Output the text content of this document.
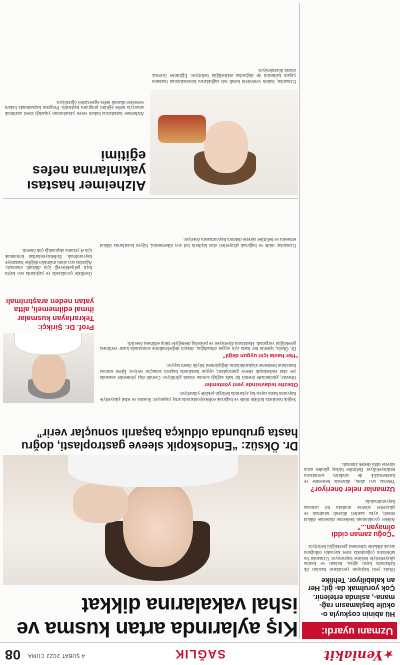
★Yeniakit
SAĞLIK
4 ŞUBAT 2022 CUMA
08
Uzmanı uyardı:
Hü abinin coşkuyla o- oküle başlamasın rağ- mana-, aslında ertelenir. Çok yorulmak da- ğıl; Her an kalabiliyor. Tehlike
Okula yeni başlayan çocukların bazıları ilk haftalarda karın ağrısı, bulantı ve kusma şikayetleriyle hekime başvuruyor. Uzmanlar bu tabloların çoğunlukla stres kaynaklı olduğunu ancak dikkatle izlenmesi gerektiğini belirtiyor.
“Çoğu zaman ciddi olmayan...”
Aileler çocuklarının beslenme düzenine dikkat etmeli, uyku saatleri düzenli tutulmalı ve şikayetler sürerse mutlaka bir uzmana başvurulmalıdır.
Uzmanlar neler öneriyor?
Yetersiz sıvı alımı, düzensiz beslenme ve hareketsizlik de sindirim sorunlarını tetikleyebiliyor. Belirtiler birkaç günden uzun sürerse tıbbi destek alınmalı.
Kış aylarında artan kusma ve ishal vakalarına dikkat
Dr. Öksüz: “Endoskopik sleeve gastroplasti, doğru hasta grubunda oldukça başarılı sonuçlar verir”
Soğuk havalarla birlikte mide ve bağırsak enfeksiyonlarında artış yaşanıyor. Kusma ve ishal şikayetiyle başvuran hasta sayısı kış aylarında belirgin şekilde yükseliyor.
Obezite tedavisinde yeni yöntemler
Obezite, günümüzde önemli bir halk sağlığı sorunu olarak görülüyor. Cerrahi dışı yöntemler arasında yer alan endoskopik sleeve gastroplasti, uygun hastalarda başarılı sonuçlar veriyor. İşlem sonrası hastaların beslenme alışkanlıklarını değiştirmesi büyük önem taşıyor.
“Her hasta için uygun değil”
Dr. Öksüz, işlemin her hasta için uygun olmadığını, detaylı değerlendirme sonrasında karar verilmesi gerektiğini vurguladı. Hastaların diyetisyen ve psikolog desteğiyle takip edilmesi önerildi.
Prof. Dr. Şirikçi: Tekrarlayan kusmalar ihmal edilmemeli, altta yatan neden araştırılmalı
Özellikle çocuklarda ve yaşlılarda sıvı kaybı hızlı gelişebileceği için dikkatli olunmalı. Ağızdan sıvı alımı mümkün değilse hastaneye başvurulmalı. Enfeksiyonlardan korunmak için el yıkama alışkanlığı çok önemli.
Uzmanlar, mide ve bağırsak şikayetleri olan kişilerin bol sıvı tüketmesini, hijyen kurallarına dikkat etmesini ve belirtiler sürerse doktora başvurmasını öneriyor.
Alzheimer hastası yakınlarına nefes eğitimi
Alzheimer hastalarına bakım veren yakınlarının yaşadığı stresi azaltmak amacıyla nefes eğitimi programı başlatıldı. Program kapsamında bakım verenlere düzenli nefes egzersizleri öğretiliyor.
Uzmanlar, bakım verenlerin kendi ruh sağlıklarını korumalarının hastanın yaşam kalitesini de doğrudan etkilediğini belirtiyor. Eğitimler ücretsiz olarak düzenleniyor.
